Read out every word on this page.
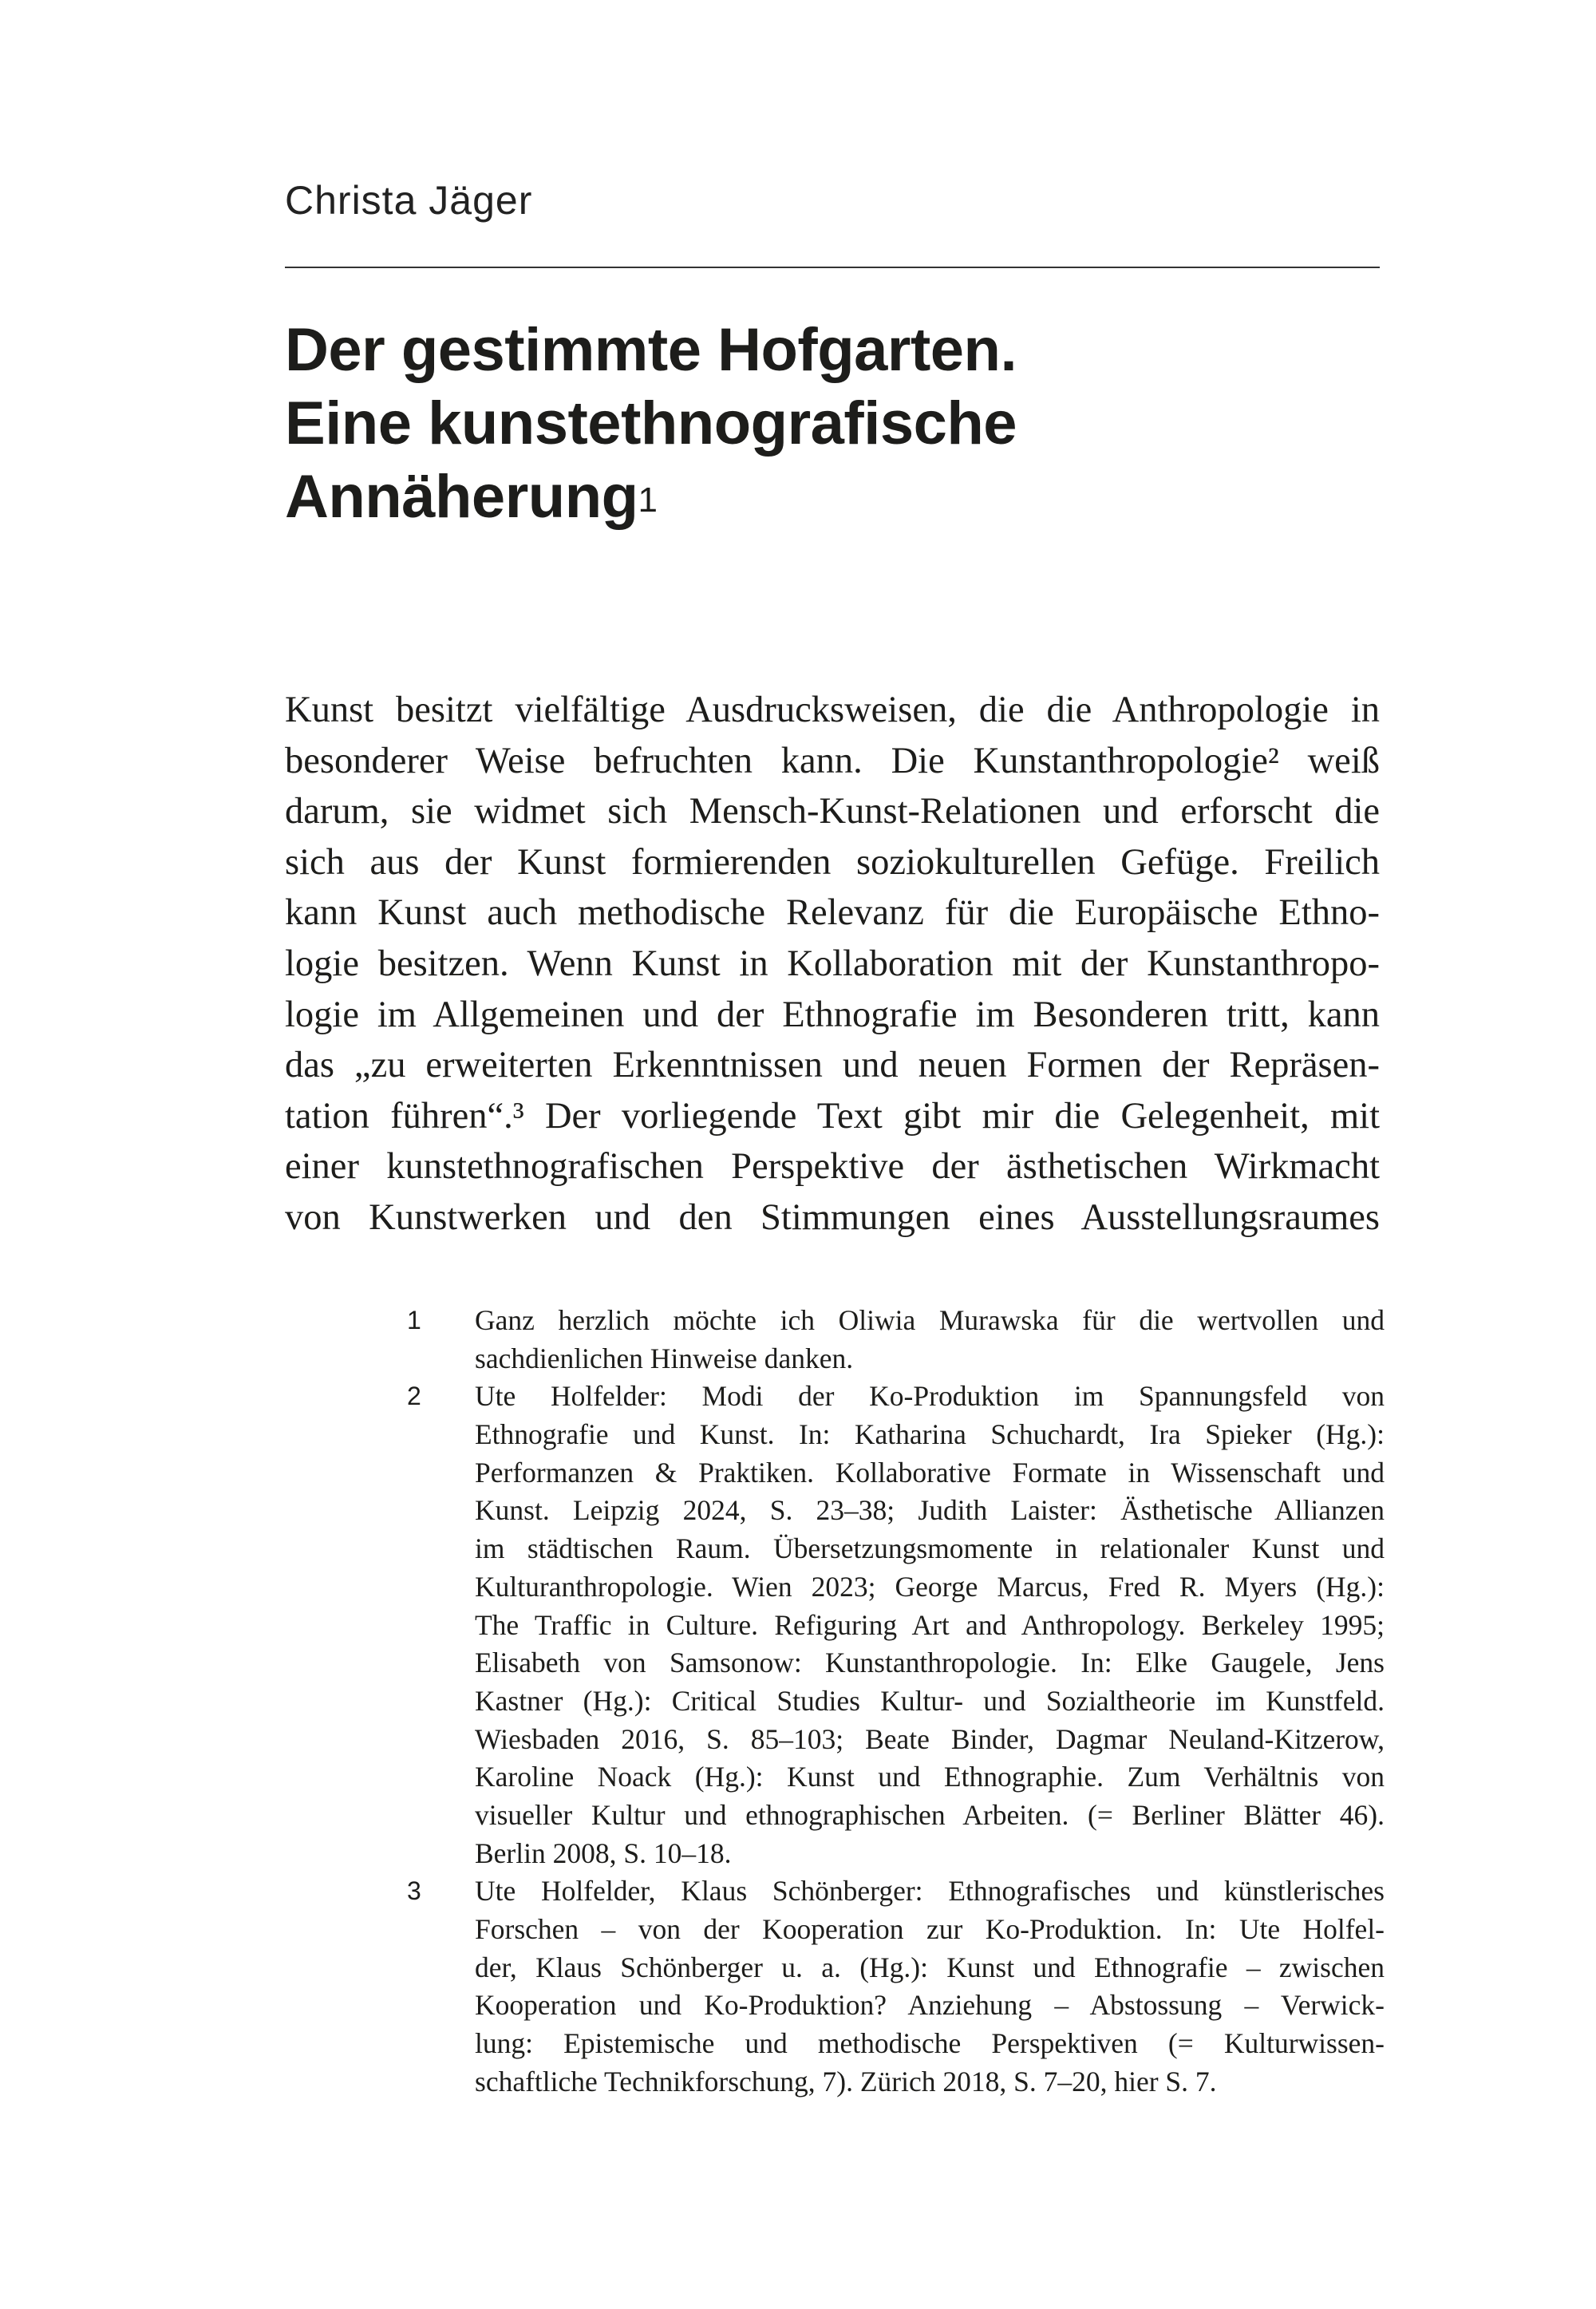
Christa Jäger
Der gestimmte Hofgarten.
Eine kunstethnografische
Annäherung$^1$
Kunst besitzt vielfältige Ausdrucksweisen, die die Anthropologie in
besonderer Weise befruchten kann. Die Kunstanthropologie² weiß
darum, sie widmet sich Mensch-Kunst-Relationen und erforscht die
sich aus der Kunst formierenden soziokulturellen Gefüge. Freilich
kann Kunst auch methodische Relevanz für die Europäische Ethno-
logie besitzen. Wenn Kunst in Kollaboration mit der Kunstanthropo-
logie im Allgemeinen und der Ethnografie im Besonderen tritt, kann
das „zu erweiterten Erkenntnissen und neuen Formen der Repräsen-
tation führen“.³ Der vorliegende Text gibt mir die Gelegenheit, mit
einer kunstethnografischen Perspektive der ästhetischen Wirkmacht
von Kunstwerken und den Stimmungen eines Ausstellungsraumes
1 Ganz herzlich möchte ich Oliwia Murawska für die wertvollen und
sachdienlichen Hinweise danken.
2 Ute Holfelder: Modi der Ko-Produktion im Spannungsfeld von
Ethnografie und Kunst. In: Katharina Schuchardt, Ira Spieker (Hg.):
Performanzen & Praktiken. Kollaborative Formate in Wissenschaft und
Kunst. Leipzig 2024, S. 23–38; Judith Laister: Ästhetische Allianzen
im städtischen Raum. Übersetzungsmomente in relationaler Kunst und
Kulturanthropologie. Wien 2023; George Marcus, Fred R. Myers (Hg.):
The Traffic in Culture. Refiguring Art and Anthropology. Berkeley 1995;
Elisabeth von Samsonow: Kunstanthropologie. In: Elke Gaugele, Jens
Kastner (Hg.): Critical Studies Kultur- und Sozialtheorie im Kunstfeld.
Wiesbaden 2016, S. 85–103; Beate Binder, Dagmar Neuland-Kitzerow,
Karoline Noack (Hg.): Kunst und Ethnographie. Zum Verhältnis von
visueller Kultur und ethnographischen Arbeiten. (= Berliner Blätter 46).
Berlin 2008, S. 10–18.
3 Ute Holfelder, Klaus Schönberger: Ethnografisches und künstlerisches
Forschen – von der Kooperation zur Ko-Produktion. In: Ute Holfel-
der, Klaus Schönberger u. a. (Hg.): Kunst und Ethnografie – zwischen
Kooperation und Ko-Produktion? Anziehung – Abstossung – Verwick-
lung: Epistemische und methodische Perspektiven (= Kulturwissen-
schaftliche Technikforschung, 7). Zürich 2018, S. 7–20, hier S. 7.
